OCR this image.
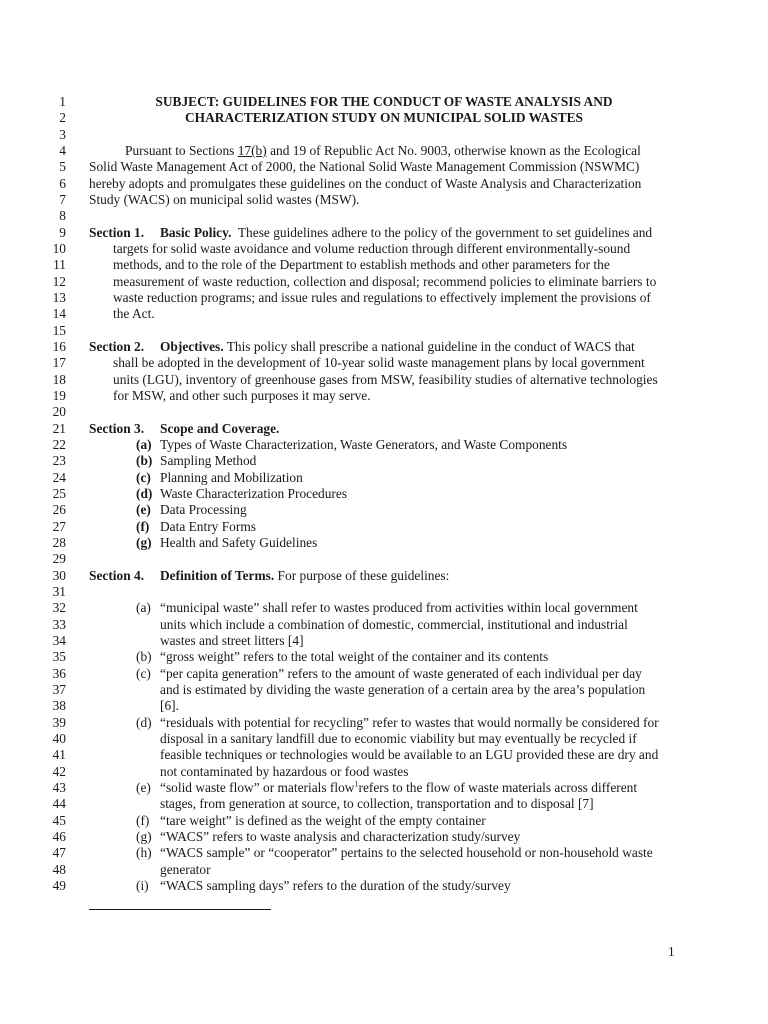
1
2
3
4
5
6
7
8
9
10
11
12
13
14
15
16
17
18
19
20
21
22
23
24
25
26
27
28
29
30
31
32
33
34
35
36
37
38
39
40
41
42
43
44
45
46
47
48
49
SUBJECT: GUIDELINES FOR THE CONDUCT OF WASTE ANALYSIS AND
CHARACTERIZATION STUDY ON MUNICIPAL SOLID WASTES
Pursuant to Sections 17(b) and 19 of Republic Act No. 9003, otherwise known as the Ecological
Solid Waste Management Act of 2000, the National Solid Waste Management Commission (NSWMC)
hereby adopts and promulgates these guidelines on the conduct of Waste Analysis and Characterization
Study (WACS) on municipal solid wastes (MSW).
Section 1. Basic Policy.  These guidelines adhere to the policy of the government to set guidelines and
targets for solid waste avoidance and volume reduction through different environmentally-sound
methods, and to the role of the Department to establish methods and other parameters for the
measurement of waste reduction, collection and disposal; recommend policies to eliminate barriers to
waste reduction programs; and issue rules and regulations to effectively implement the provisions of
the Act.
Section 2. Objectives. This policy shall prescribe a national guideline in the conduct of WACS that
shall be adopted in the development of 10-year solid waste management plans by local government
units (LGU), inventory of greenhouse gases from MSW, feasibility studies of alternative technologies
for MSW, and other such purposes it may serve.
Section 3. Scope and Coverage.
(a) Types of Waste Characterization, Waste Generators, and Waste Components
(b) Sampling Method
(c) Planning and Mobilization
(d) Waste Characterization Procedures
(e) Data Processing
(f) Data Entry Forms
(g) Health and Safety Guidelines
Section 4. Definition of Terms. For purpose of these guidelines:
(a) “municipal waste” shall refer to wastes produced from activities within local government
units which include a combination of domestic, commercial, institutional and industrial
wastes and street litters [4]
(b) “gross weight” refers to the total weight of the container and its contents
(c) “per capita generation” refers to the amount of waste generated of each individual per day
and is estimated by dividing the waste generation of a certain area by the area’s population
[6].
(d) “residuals with potential for recycling” refer to wastes that would normally be considered for
disposal in a sanitary landfill due to economic viability but may eventually be recycled if
feasible techniques or technologies would be available to an LGU provided these are dry and
not contaminated by hazardous or food wastes
(e) “solid waste flow” or materials flow$^1$refers to the flow of waste materials across different
stages, from generation at source, to collection, transportation and to disposal [7]
(f) “tare weight” is defined as the weight of the empty container
(g) “WACS” refers to waste analysis and characterization study/survey
(h) “WACS sample” or “cooperator” pertains to the selected household or non-household waste
generator
(i) “WACS sampling days” refers to the duration of the study/survey
1
